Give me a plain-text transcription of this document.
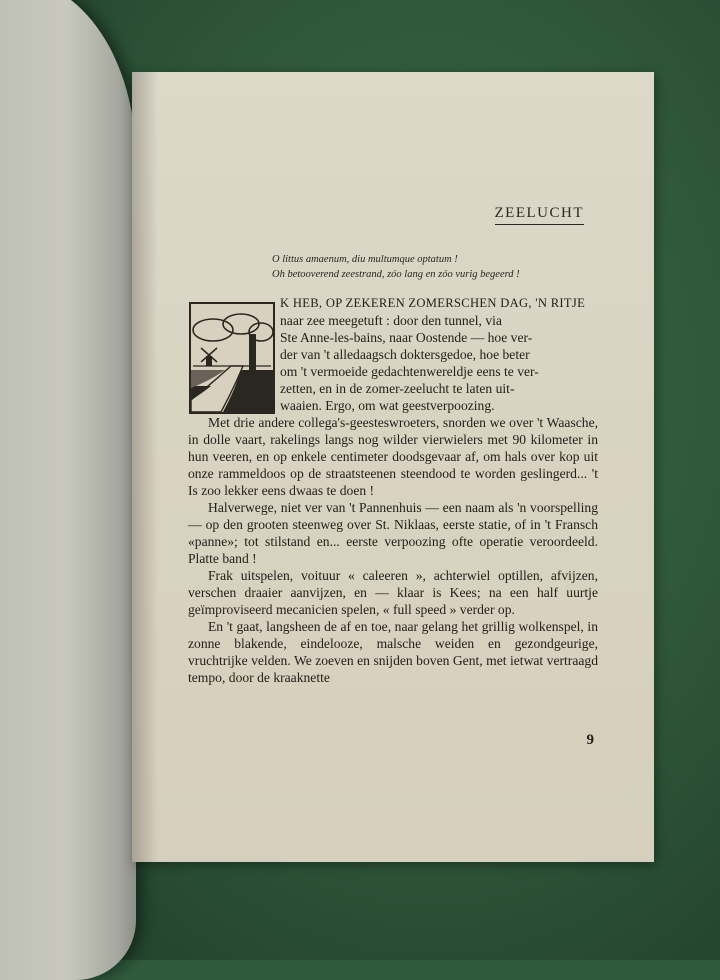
ZEELUCHT
O littus amaenum, diu multumque optatum !
Oh betooverend zeestrand, zóo lang en zóo vurig begeerd !

K HEB, OP ZEKEREN ZOMERSCHEN DAG, 'N RITJE

naar zee meegetuft : door den tunnel, via

Ste Anne-les-bains, naar Oostende — hoe ver-

der van 't alledaagsch doktersgedoe, hoe beter

om 't vermoeide gedachtenwereldje eens te ver-

zetten, en in de zomer-zeelucht te laten uit-

waaien. Ergo, om wat geestverpoozing.

Met drie andere collega's-geesteswroeters, snorden we over 't Waasche, in dolle vaart, rakelings langs nog wilder vierwielers met 90 kilometer in hun veeren, en op enkele centimeter doodsgevaar af, om hals over kop uit onze rammeldoos op de straatsteenen steendood te worden geslingerd... 't Is zoo lekker eens dwaas te doen !

Halverwege, niet ver van 't Pannenhuis — een naam als 'n voorspelling — op den grooten steenweg over St. Niklaas, eerste statie, of in 't Fransch «panne»; tot stilstand en... eerste verpoozing ofte operatie veroordeeld. Platte band !

Frak uitspelen, voituur « caleeren », achterwiel optillen, afvijzen, verschen draaier aanvijzen, en — klaar is Kees; na een half uurtje geïmproviseerd mecanicien spelen, « full speed » verder op.

En 't gaat, langsheen de af en toe, naar gelang het grillig wolkenspel, in zonne blakende, eindelooze, malsche weiden en gezondgeurige, vruchtrijke velden. We zoeven en snijden boven Gent, met ietwat vertraagd tempo, door de kraaknette

9
